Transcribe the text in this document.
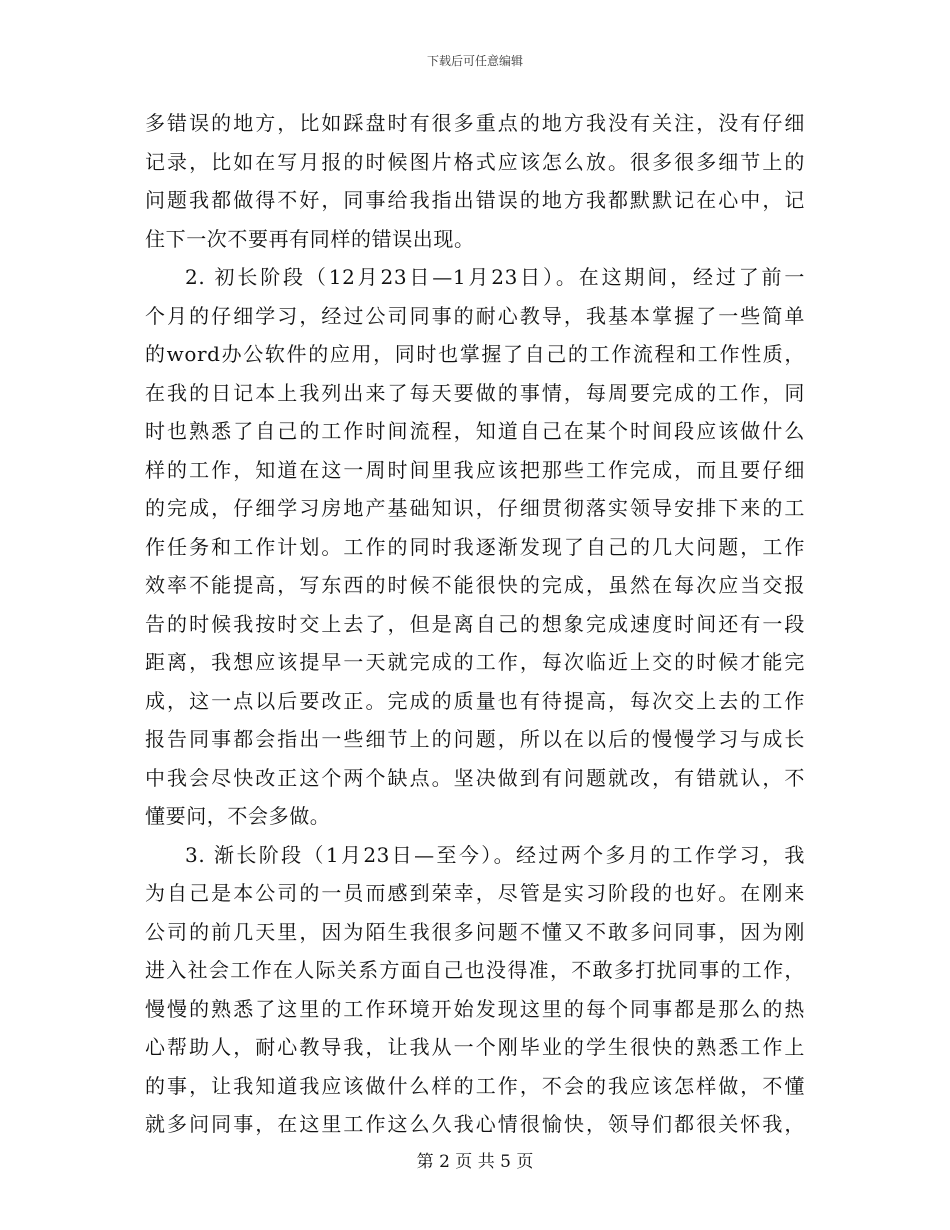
下载后可任意编辑
多错误的地方，比如踩盘时有很多重点的地方我没有关注，没有仔细
记录，比如在写月报的时候图片格式应该怎么放。很多很多细节上的
问题我都做得不好，同事给我指出错误的地方我都默默记在心中，记
住下一次不要再有同样的错误出现。
2. 初长阶段（12月23日—1月23日）。在这期间，经过了前一
个月的仔细学习，经过公司同事的耐心教导，我基本掌握了一些简单
的word办公软件的应用，同时也掌握了自己的工作流程和工作性质，
在我的日记本上我列出来了每天要做的事情，每周要完成的工作，同
时也熟悉了自己的工作时间流程，知道自己在某个时间段应该做什么
样的工作，知道在这一周时间里我应该把那些工作完成，而且要仔细
的完成，仔细学习房地产基础知识，仔细贯彻落实领导安排下来的工
作任务和工作计划。工作的同时我逐渐发现了自己的几大问题，工作
效率不能提高，写东西的时候不能很快的完成，虽然在每次应当交报
告的时候我按时交上去了，但是离自己的想象完成速度时间还有一段
距离，我想应该提早一天就完成的工作，每次临近上交的时候才能完
成，这一点以后要改正。完成的质量也有待提高，每次交上去的工作
报告同事都会指出一些细节上的问题，所以在以后的慢慢学习与成长
中我会尽快改正这个两个缺点。坚决做到有问题就改，有错就认，不
懂要问，不会多做。
3. 渐长阶段（1月23日—至今）。经过两个多月的工作学习，我
为自己是本公司的一员而感到荣幸，尽管是实习阶段的也好。在刚来
公司的前几天里，因为陌生我很多问题不懂又不敢多问同事，因为刚
进入社会工作在人际关系方面自己也没得准，不敢多打扰同事的工作，
慢慢的熟悉了这里的工作环境开始发现这里的每个同事都是那么的热
心帮助人，耐心教导我，让我从一个刚毕业的学生很快的熟悉工作上
的事，让我知道我应该做什么样的工作，不会的我应该怎样做，不懂
就多问同事，在这里工作这么久我心情很愉快，领导们都很关怀我，
第 2 页 共 5 页
